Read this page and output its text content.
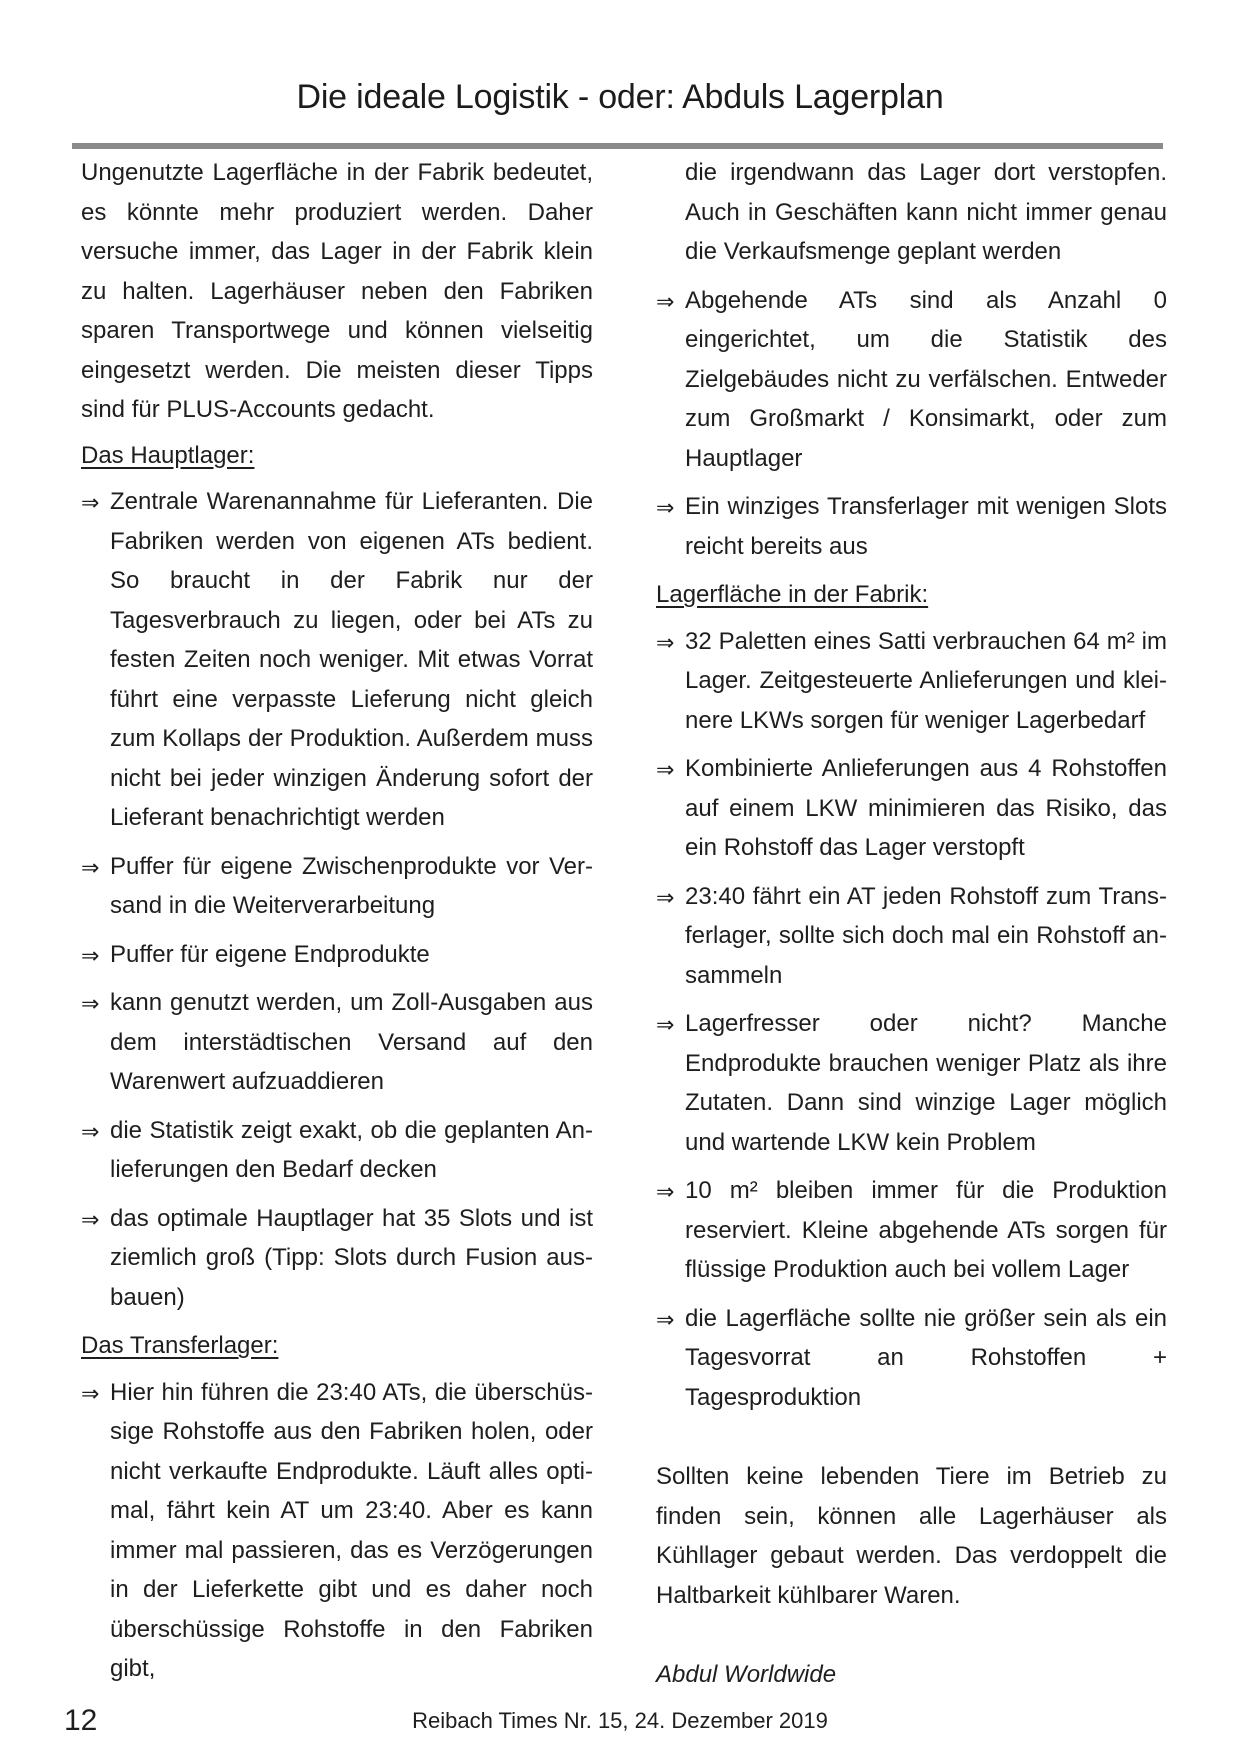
Die ideale Logistik - oder: Abduls Lagerplan

Ungenutzte Lagerfläche in der Fabrik bedeutet, es könnte mehr produziert werden. Daher versuche immer, das Lager in der Fabrik klein zu halten. Lagerhäuser neben den Fabriken sparen Transportwege und können vielseitig eingesetzt werden. Die meisten dieser Tipps sind für PLUS-Accounts gedacht.

Das Hauptlager:

⇒ Zentrale Warenannahme für Lieferanten. Die Fabriken werden von eigenen ATs bedient. So braucht in der Fabrik nur der Tagesverbrauch zu liegen, oder bei ATs zu festen Zeiten noch weniger. Mit etwas Vorrat führt eine verpasste Lieferung nicht gleich zum Kollaps der Produktion. Außerdem muss nicht bei jeder winzigen Änderung sofort der Lieferant benachrichtigt werden
⇒ Puffer für eigene Zwischenprodukte vor Versand in die Weiterverarbeitung
⇒ Puffer für eigene Endprodukte
⇒ kann genutzt werden, um Zoll-Ausgaben aus dem interstädtischen Versand auf den Warenwert aufzuaddieren
⇒ die Statistik zeigt exakt, ob die geplanten Anlieferungen den Bedarf decken
⇒ das optimale Hauptlager hat 35 Slots und ist ziemlich groß (Tipp: Slots durch Fusion ausbauen)

Das Transferlager:

⇒ Hier hin führen die 23:40 ATs, die überschüssige Rohstoffe aus den Fabriken holen, oder nicht verkaufte Endprodukte. Läuft alles optimal, fährt kein AT um 23:40. Aber es kann immer mal passieren, das es Verzögerungen in der Lieferkette gibt und es daher noch überschüssige Rohstoffe in den Fabriken gibt,

die irgendwann das Lager dort verstopfen. Auch in Geschäften kann nicht immer genau die Verkaufsmenge geplant werden

⇒ Abgehende ATs sind als Anzahl 0 eingerichtet, um die Statistik des Zielgebäudes nicht zu verfälschen. Entweder zum Großmarkt / Konsimarkt, oder zum Hauptlager
⇒ Ein winziges Transferlager mit wenigen Slots reicht bereits aus

Lagerfläche in der Fabrik:

⇒ 32 Paletten eines Satti verbrauchen 64 m² im Lager. Zeitgesteuerte Anlieferungen und kleinere LKWs sorgen für weniger Lagerbedarf
⇒ Kombinierte Anlieferungen aus 4 Rohstoffen auf einem LKW minimieren das Risiko, das ein Rohstoff das Lager verstopft
⇒ 23:40 fährt ein AT jeden Rohstoff zum Transferlager, sollte sich doch mal ein Rohstoff ansammeln
⇒ Lagerfresser oder nicht? Manche Endprodukte brauchen weniger Platz als ihre Zutaten. Dann sind winzige Lager möglich und wartende LKW kein Problem
⇒ 10 m² bleiben immer für die Produktion reserviert. Kleine abgehende ATs sorgen für flüssige Produktion auch bei vollem Lager
⇒ die Lagerfläche sollte nie größer sein als ein Tagesvorrat an Rohstoffen + Tagesproduktion

Sollten keine lebenden Tiere im Betrieb zu finden sein, können alle Lagerhäuser als Kühllager gebaut werden. Das verdoppelt die Haltbarkeit kühlbarer Waren.

Abdul Worldwide

12	Reibach Times Nr. 15, 24. Dezember 2019
